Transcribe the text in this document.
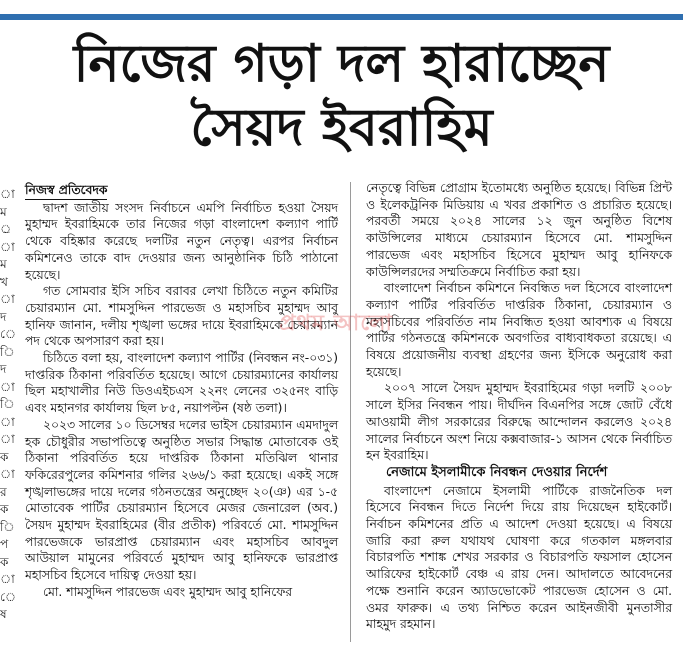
নিজের গড়া দল হারাচ্ছেন
সৈয়দ ইবরাহিম
া
ম
্র
া
ম
খ
া
দ
ে
ি
দ
া
ি
া
া
ক
া
র
ক
ি
প
ক
া
ে
ষ
নিজস্ব প্রতিবেদক

দ্বাদশ জাতীয় সংসদ নির্বাচনে এমপি নির্বাচিত হওয়া সৈয়দ মুহাম্মদ ইবরাহিমকে তার নিজের গড়া বাংলাদেশ কল্যাণ পার্টি থেকে বহিষ্কার করেছে দলটির নতুন নেতৃত্ব। এরপর নির্বাচন কমিশনেও তাকে বাদ দেওয়ার জন্য আনুষ্ঠানিক চিঠি পাঠানো হয়েছে।

গত সোমবার ইসি সচিব বরাবর লেখা চিঠিতে নতুন কমিটির চেয়ারম্যান মো. শামসুদ্দিন পারভেজ ও মহাসচিব মুহাম্মদ আবু হানিফ জানান, দলীয় শৃঙ্খলা ভঙ্গের দায়ে ইবরাহিমকে চেয়ারম্যান পদ থেকে অপসারণ করা হয়।

চিঠিতে বলা হয়, বাংলাদেশ কল্যাণ পার্টির (নিবন্ধন নং-০৩১) দাপ্তরিক ঠিকানা পরিবর্তিত হয়েছে। আগে চেয়ারম্যানের কার্যালয় ছিল মহাখালীর নিউ ডিওএইচএস ২২নং লেনের ৩২৫নং বাড়ি এবং মহানগর কার্যালয় ছিল ৮৫, নয়াপল্টন (ষষ্ঠ তলা)।

২০২৩ সালের ১০ ডিসেম্বর দলের ভাইস চেয়ারম্যান এমদাদুল হক চৌধুরীর সভাপতিত্বে অনুষ্ঠিত সভার সিদ্ধান্ত মোতাবেক ওই ঠিকানা পরিবর্তিত হয়ে দাপ্তরিক ঠিকানা মতিঝিল থানার ফকিরেরপুলের কমিশনার গলির ২৬৬/১ করা হয়েছে। একই সঙ্গে শৃঙ্খলাভঙ্গের দায়ে দলের গঠনতন্ত্রের অনুচ্ছেদ ২০(ঞ) এর ১-৫ মোতাবেক পার্টির চেয়ারম্যান হিসেবে মেজর জেনারেল (অব.) সৈয়দ মুহাম্মদ ইবরাহিমের (বীর প্রতীক) পরিবর্তে মো. শামসুদ্দিন পারভেজকে ভারপ্রাপ্ত চেয়ারম্যান এবং মহাসচিব আবদুল আউয়াল মামুনের পরিবর্তে মুহাম্মদ আবু হানিফকে ভারপ্রাপ্ত মহাসচিব হিসেবে দায়িত্ব দেওয়া হয়।

মো. শামসুদ্দিন পারভেজ এবং মুহাম্মদ আবু হানিফের

নেতৃত্বে বিভিন্ন প্রোগ্রাম ইতোমধ্যে অনুষ্ঠিত হয়েছে। বিভিন্ন প্রিন্ট ও ইলেকট্রনিক মিডিয়ায় এ খবর প্রকাশিত ও প্রচারিত হয়েছে। পরবর্তী সময়ে ২০২৪ সালের ১২ জুন অনুষ্ঠিত বিশেষ কাউন্সিলের মাধ্যমে চেয়ারম্যান হিসেবে মো. শামসুদ্দিন পারভেজ এবং মহাসচিব হিসেবে মুহাম্মদ আবু হানিফকে কাউন্সিলরদের সম্মতিক্রমে নির্বাচিত করা হয়।

বাংলাদেশ নির্বাচন কমিশনে নিবন্ধিত দল হিসেবে বাংলাদেশ কল্যাণ পার্টির পরিবর্তিত দাপ্তরিক ঠিকানা, চেয়ারম্যান ও মহাসচিবের পরিবর্তিত নাম নিবন্ধিত হওয়া আবশ্যক এ বিষয়ে পার্টির গঠনতন্ত্রে কমিশনকে অবগতির বাধ্যবাধকতা রয়েছে। এ বিষয়ে প্রয়োজনীয় ব্যবস্থা গ্রহণের জন্য ইসিকে অনুরোধ করা হয়েছে।

২০০৭ সালে সৈয়দ মুহাম্মদ ইবরাহিমের গড়া দলটি ২০০৮ সালে ইসির নিবন্ধন পায়। দীর্ঘদিন বিএনপির সঙ্গে জোট বেঁধে আওয়ামী লীগ সরকারের বিরুদ্ধে আন্দোলন করলেও ২০২৪ সালের নির্বাচনে অংশ নিয়ে কক্সবাজার-১ আসন থেকে নির্বাচিত হন ইবরাহিম।

নেজামে ইসলামীকে নিবন্ধন দেওয়ার নির্দেশ

বাংলাদেশ নেজামে ইসলামী পার্টিকে রাজনৈতিক দল হিসেবে নিবন্ধন দিতে নির্দেশ দিয়ে রায় দিয়েছেন হাইকোর্ট। নির্বাচন কমিশনের প্রতি এ আদেশ দেওয়া হয়েছে। এ বিষয়ে জারি করা রুল যথাযথ ঘোষণা করে গতকাল মঙ্গলবার বিচারপতি শশাঙ্ক শেখর সরকার ও বিচারপতি ফয়সাল হোসেন আরিফের হাইকোর্ট বেঞ্চ এ রায় দেন। আদালতে আবেদনের পক্ষে শুনানি করেন অ্যাডভোকেট পারভেজ হোসেন ও মো. ওমর ফারুক। এ তথ্য নিশ্চিত করেন আইনজীবী মুনতাসীর মাহমুদ রহমান।

প্রথম আলো
